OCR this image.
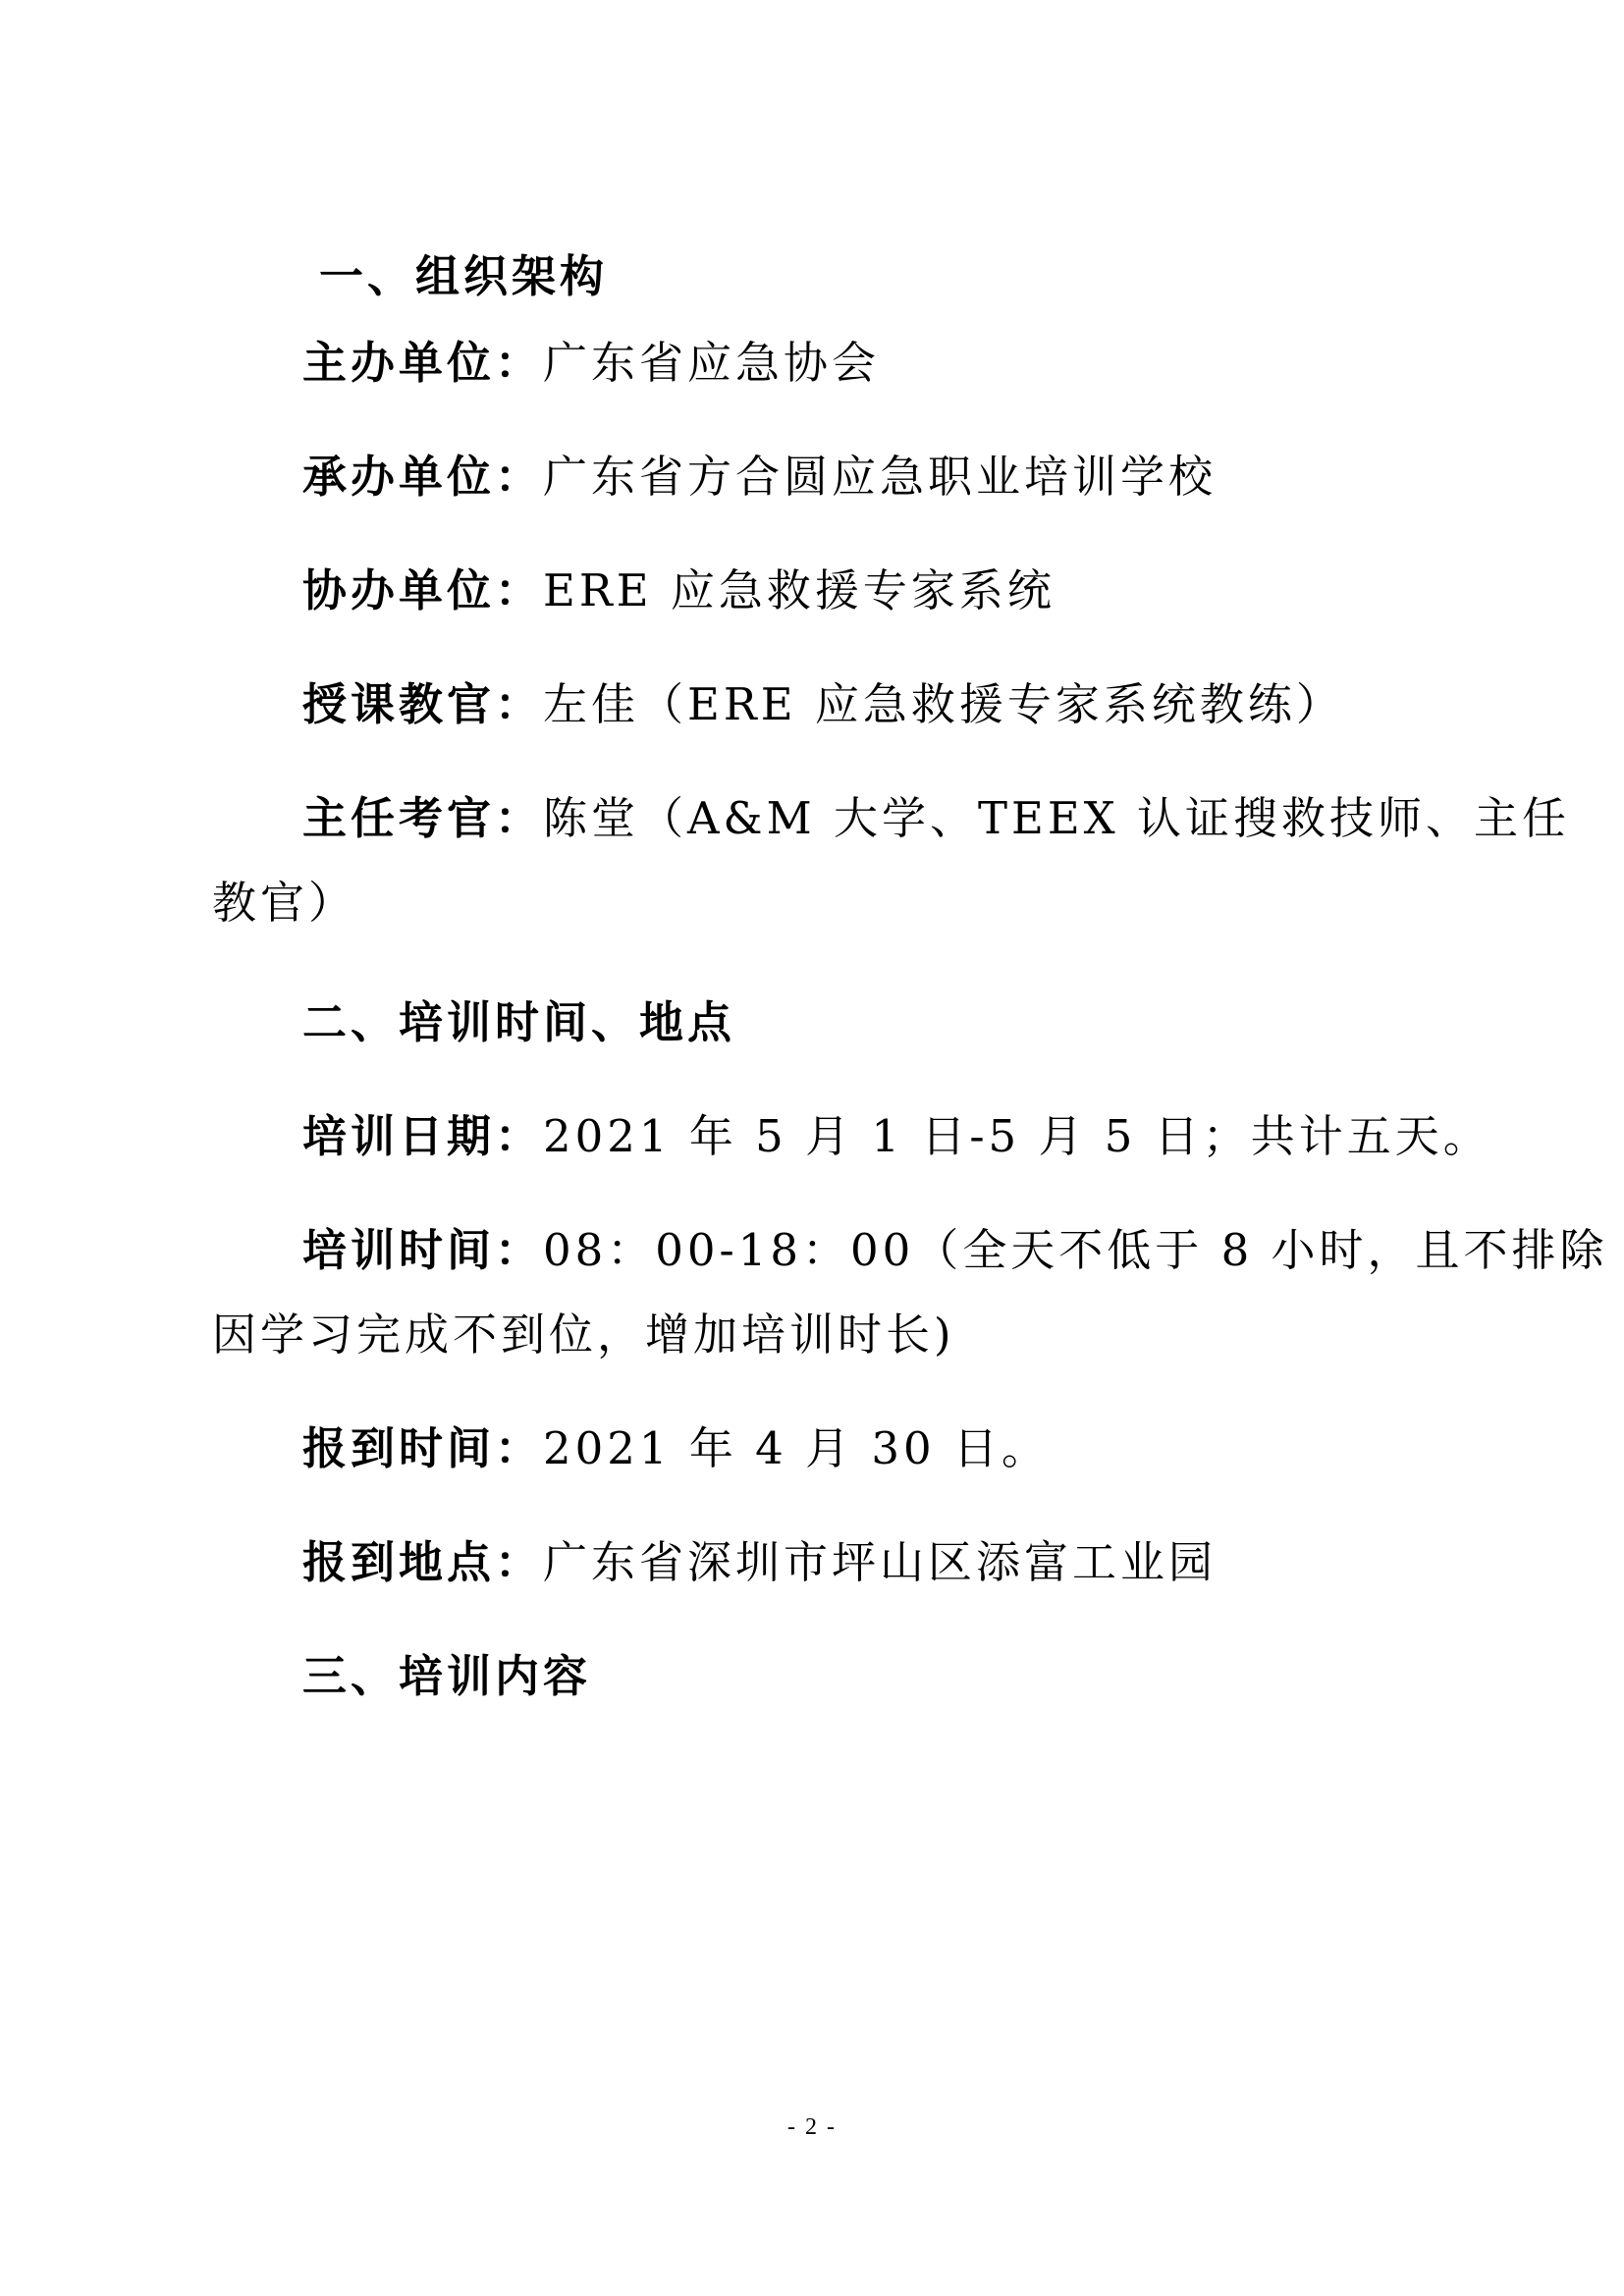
一、组织架构
主办单位：广东省应急协会
承办单位：广东省方合圆应急职业培训学校
协办单位：ERE 应急救援专家系统
授课教官：左佳（ERE 应急救援专家系统教练）
主任考官：陈堂（A&M 大学、TEEX 认证搜救技师、主任
教官）
二、培训时间、地点
培训日期：2021 年 5 月 1 日-5 月 5 日；共计五天。
培训时间：08：00-18：00（全天不低于 8 小时，且不排除
因学习完成不到位，增加培训时长)
报到时间：2021 年 4 月 30 日。
报到地点：广东省深圳市坪山区添富工业园
三、培训内容
- 2 -
